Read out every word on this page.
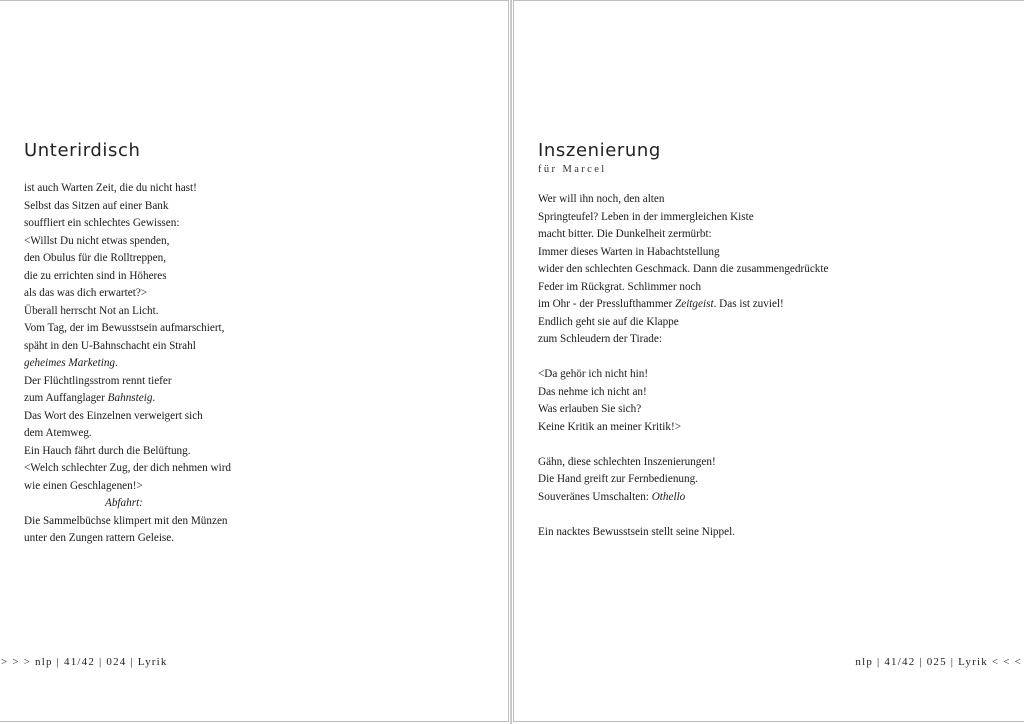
Unterirdisch
ist auch Warten Zeit, die du nicht hast!
Selbst das Sitzen auf einer Bank
souffliert ein schlechtes Gewissen:
<Willst Du nicht etwas spenden,
den Obulus für die Rolltreppen,
die zu errichten sind in Höheres
als das was dich erwartet?>
Überall herrscht Not an Licht.
Vom Tag, der im Bewusstsein aufmarschiert,
späht in den U-Bahnschacht ein Strahl
geheimes Marketing.
Der Flüchtlingsstrom rennt tiefer
zum Auffanglager Bahnsteig.
Das Wort des Einzelnen verweigert sich
dem Atemweg.
Ein Hauch fährt durch die Belüftung.
<Welch schlechter Zug, der dich nehmen wird
wie einen Geschlagenen!>
Abfahrt:
Die Sammelbüchse klimpert mit den Münzen
unter den Zungen rattern Geleise.
> > > nlp | 41/42 | 024 | Lyrik
Inszenierung
für Marcel
Wer will ihn noch, den alten
Springteufel? Leben in der immergleichen Kiste
macht bitter. Die Dunkelheit zermürbt:
Immer dieses Warten in Habachtstellung
wider den schlechten Geschmack. Dann die zusammengedrückte
Feder im Rückgrat. Schlimmer noch
im Ohr - der Presslufthammer Zeitgeist. Das ist zuviel!
Endlich geht sie auf die Klappe
zum Schleudern der Tirade:
<Da gehör ich nicht hin!
Das nehme ich nicht an!
Was erlauben Sie sich?
Keine Kritik an meiner Kritik!>
Gähn, diese schlechten Inszenierungen!
Die Hand greift zur Fernbedienung.
Souveränes Umschalten: Othello
Ein nacktes Bewusstsein stellt seine Nippel.
nlp | 41/42 | 025 | Lyrik < < <
